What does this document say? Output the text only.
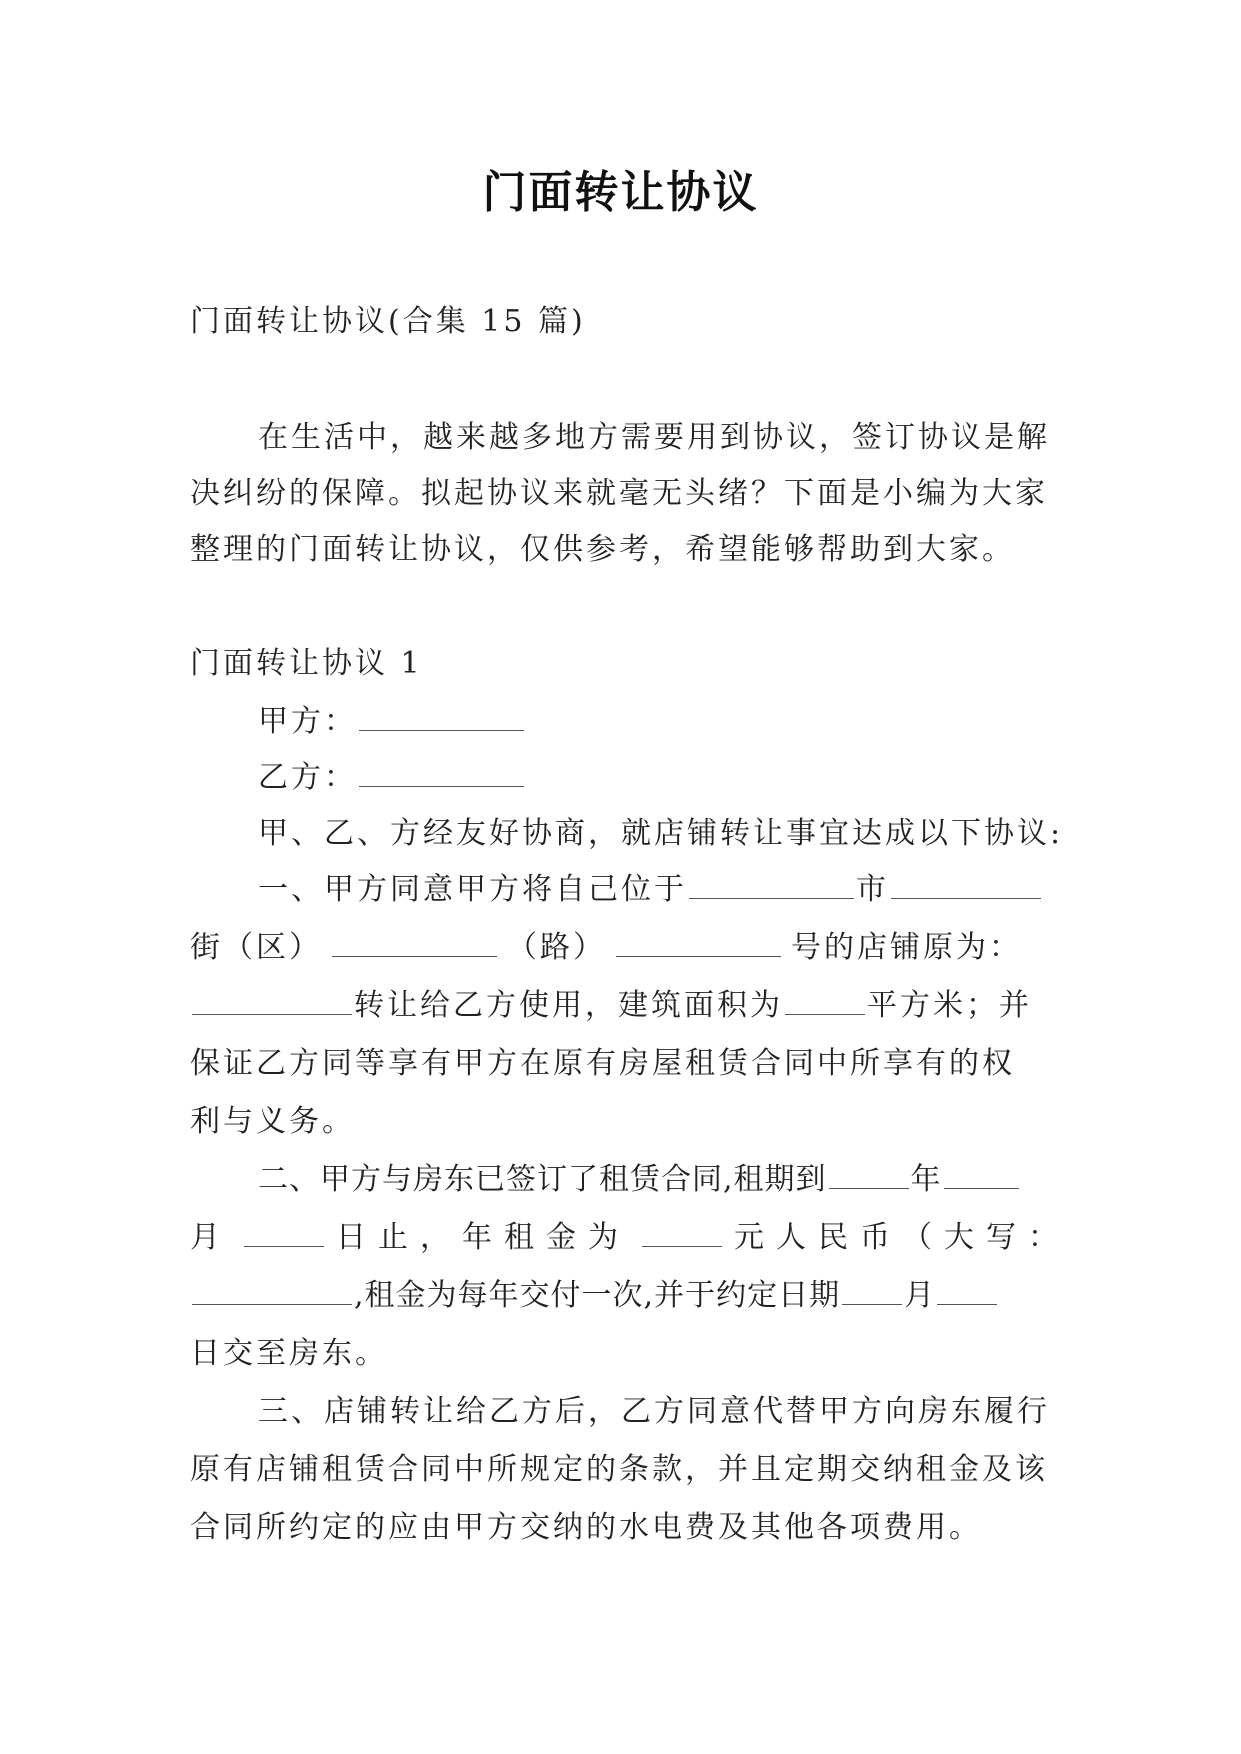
门面转让协议
门面转让协议(合集 15 篇)
在生活中，越来越多地方需要用到协议，签订协议是解
决纠纷的保障。拟起协议来就毫无头绪？下面是小编为大家
整理的门面转让协议，仅供参考，希望能够帮助到大家。
门面转让协议 1
甲方：
乙方：
甲、乙、方经友好协商，就店铺转让事宜达成以下协议:
一、甲方同意甲方将自己位于	市
街（区）	（路）	号的店铺原为：
转让给乙方使用，建筑面积为	平方米；并
保证乙方同等享有甲方在原有房屋租赁合同中所享有的权
利与义务。
二、甲方与房东已签订了租赁合同,租期到	年
月	日止，年租金为	元人民币（大写：
,租金为每年交付一次,并于约定日期 月
日交至房东。
三、店铺转让给乙方后，乙方同意代替甲方向房东履行
原有店铺租赁合同中所规定的条款，并且定期交纳租金及该
合同所约定的应由甲方交纳的水电费及其他各项费用。
